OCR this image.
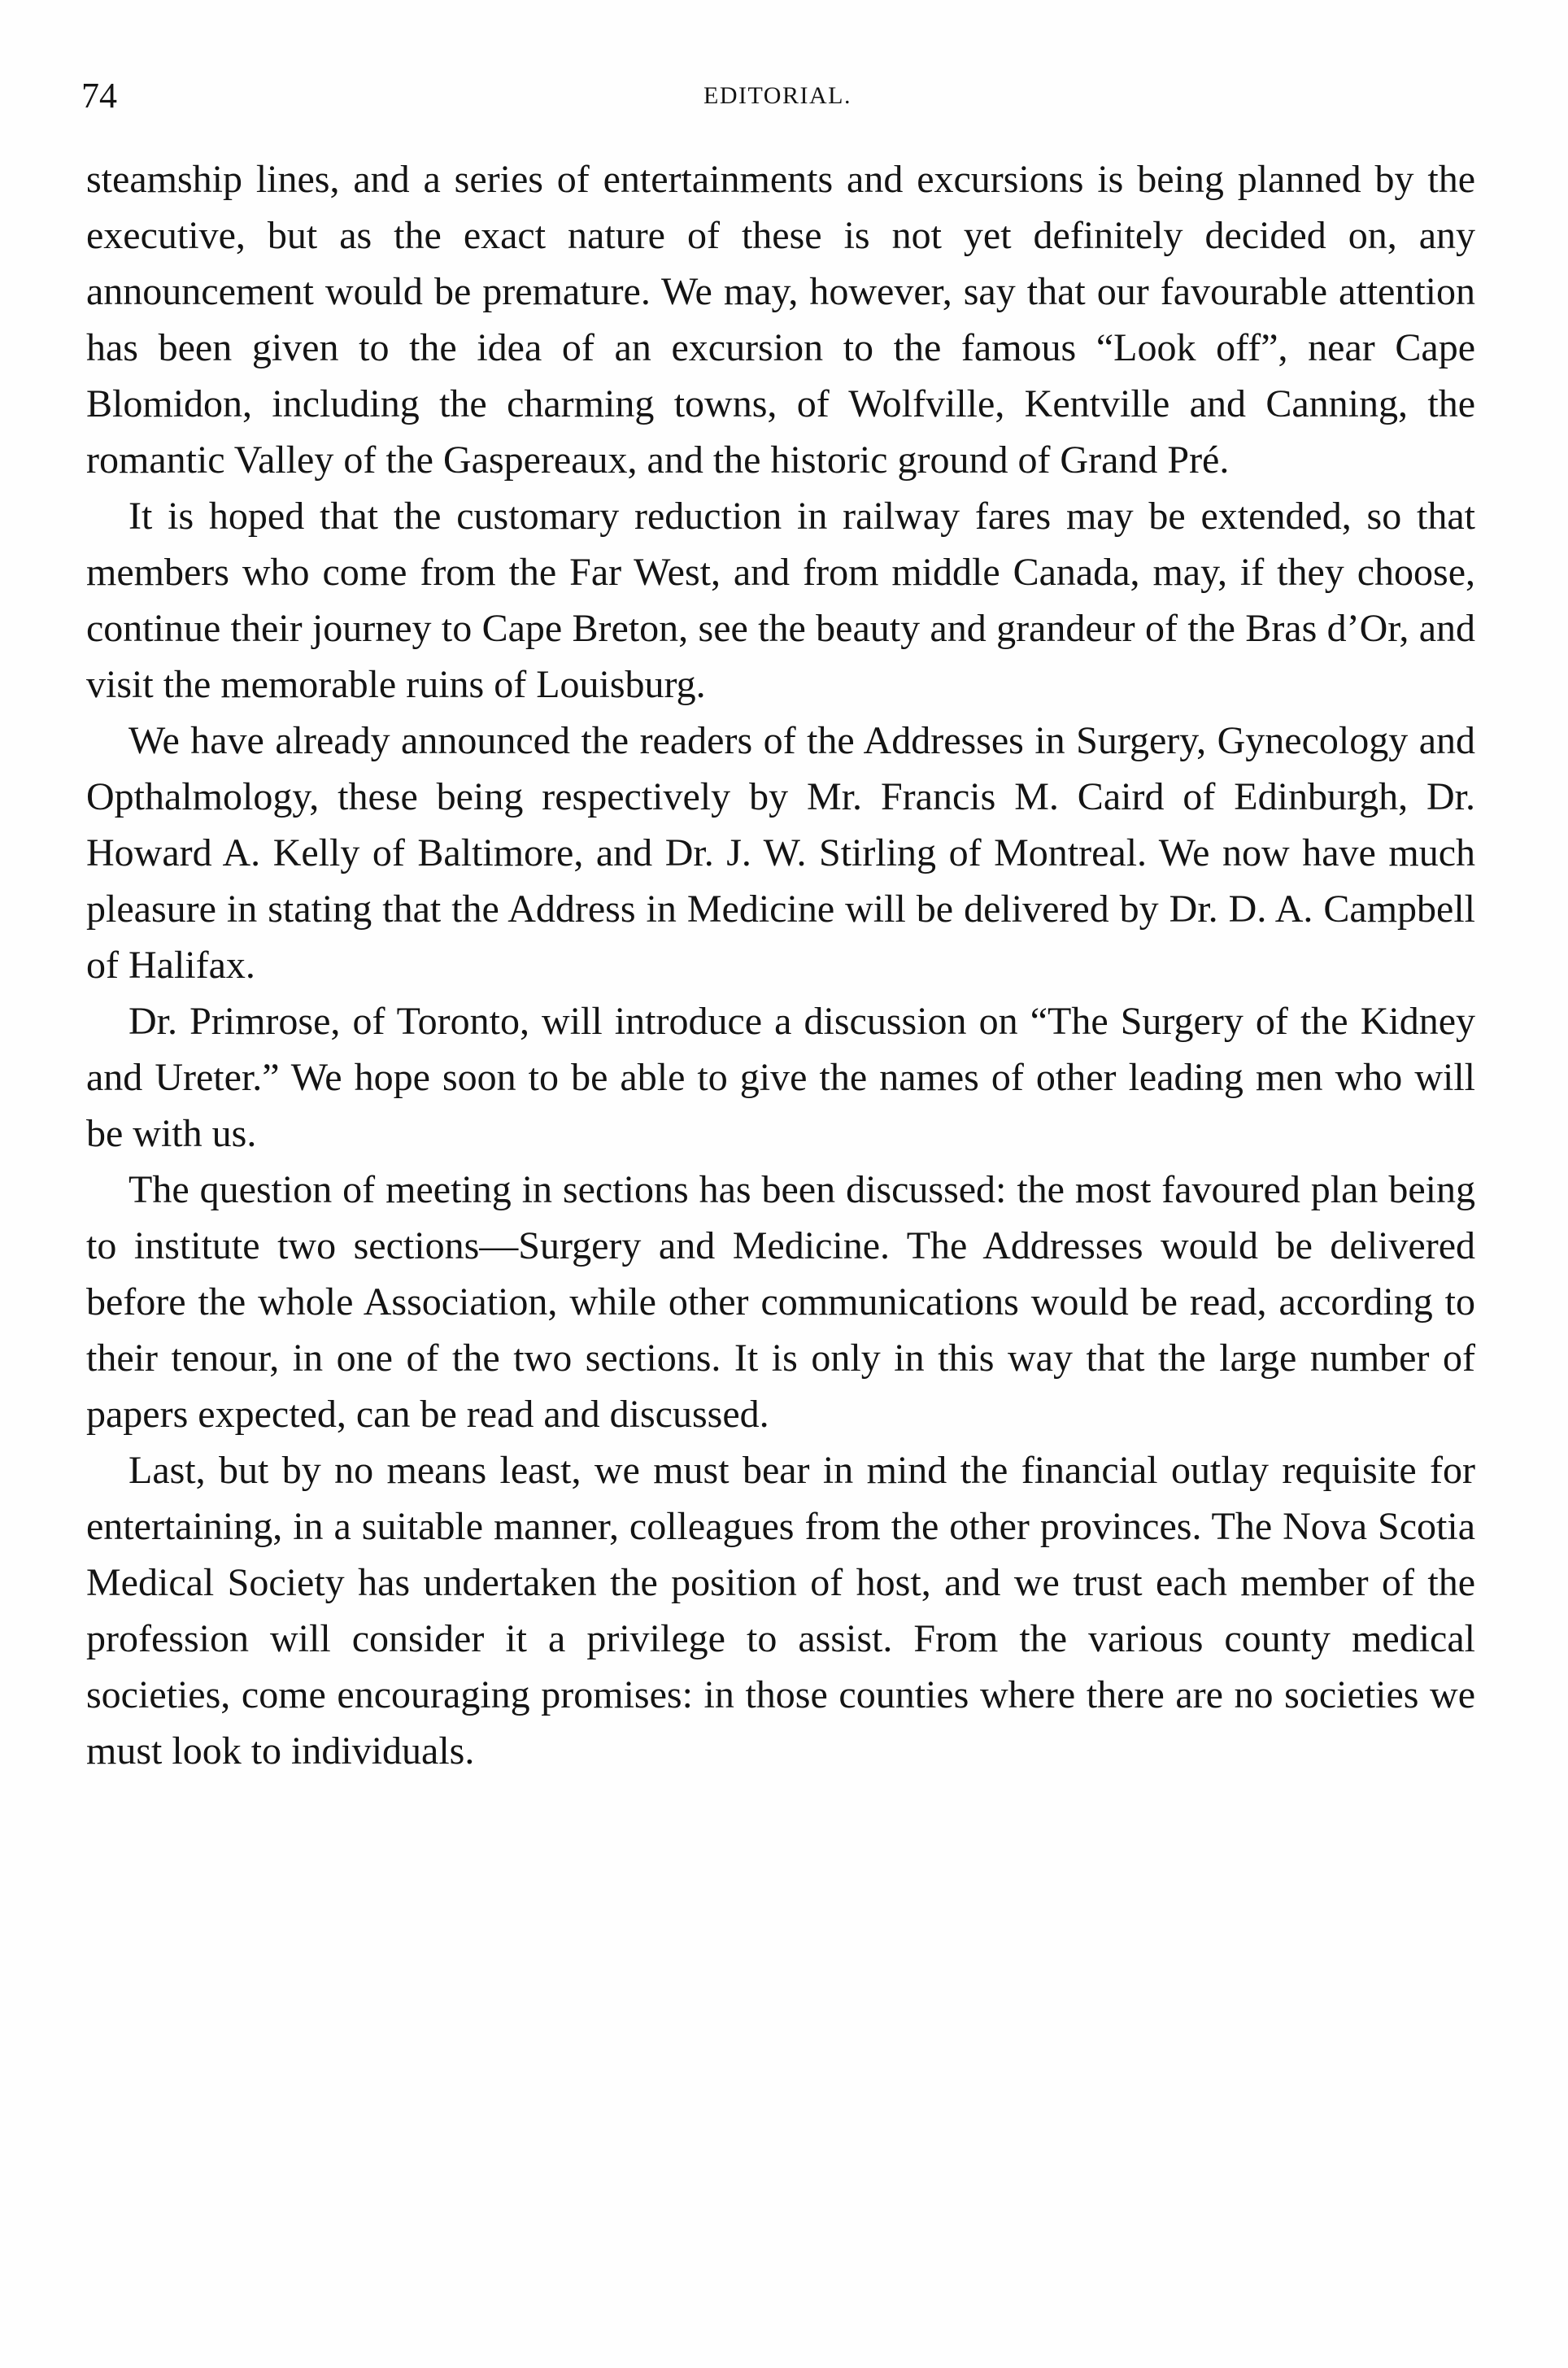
74	EDITORIAL.

steamship lines, and a series of entertainments and excursions is being planned by the executive, but as the exact nature of these is not yet definitely decided on, any announcement would be premature. We may, however, say that our favourable attention has been given to the idea of an excursion to the famous “Look off”, near Cape Blomidon, including the charming towns, of Wolfville, Kentville and Canning, the romantic Valley of the Gaspereaux, and the historic ground of Grand Pré.

It is hoped that the customary reduction in railway fares may be extended, so that members who come from the Far West, and from middle Canada, may, if they choose, continue their journey to Cape Breton, see the beauty and grandeur of the Bras d’Or, and visit the memorable ruins of Louisburg.

We have already announced the readers of the Addresses in Surgery, Gynecology and Opthalmology, these being respectively by Mr. Francis M. Caird of Edinburgh, Dr. Howard A. Kelly of Baltimore, and Dr. J. W. Stirling of Montreal. We now have much pleasure in stating that the Address in Medicine will be delivered by Dr. D. A. Campbell of Halifax.

Dr. Primrose, of Toronto, will introduce a discussion on “The Surgery of the Kidney and Ureter.” We hope soon to be able to give the names of other leading men who will be with us.

The question of meeting in sections has been discussed: the most favoured plan being to institute two sections—Surgery and Medicine. The Addresses would be delivered before the whole Association, while other communications would be read, according to their tenour, in one of the two sections. It is only in this way that the large number of papers expected, can be read and discussed.

Last, but by no means least, we must bear in mind the financial outlay requisite for entertaining, in a suitable manner, colleagues from the other provinces. The Nova Scotia Medical Society has undertaken the position of host, and we trust each member of the profession will consider it a privilege to assist. From the various county medical societies, come encouraging promises: in those counties where there are no societies we must look to individuals.
